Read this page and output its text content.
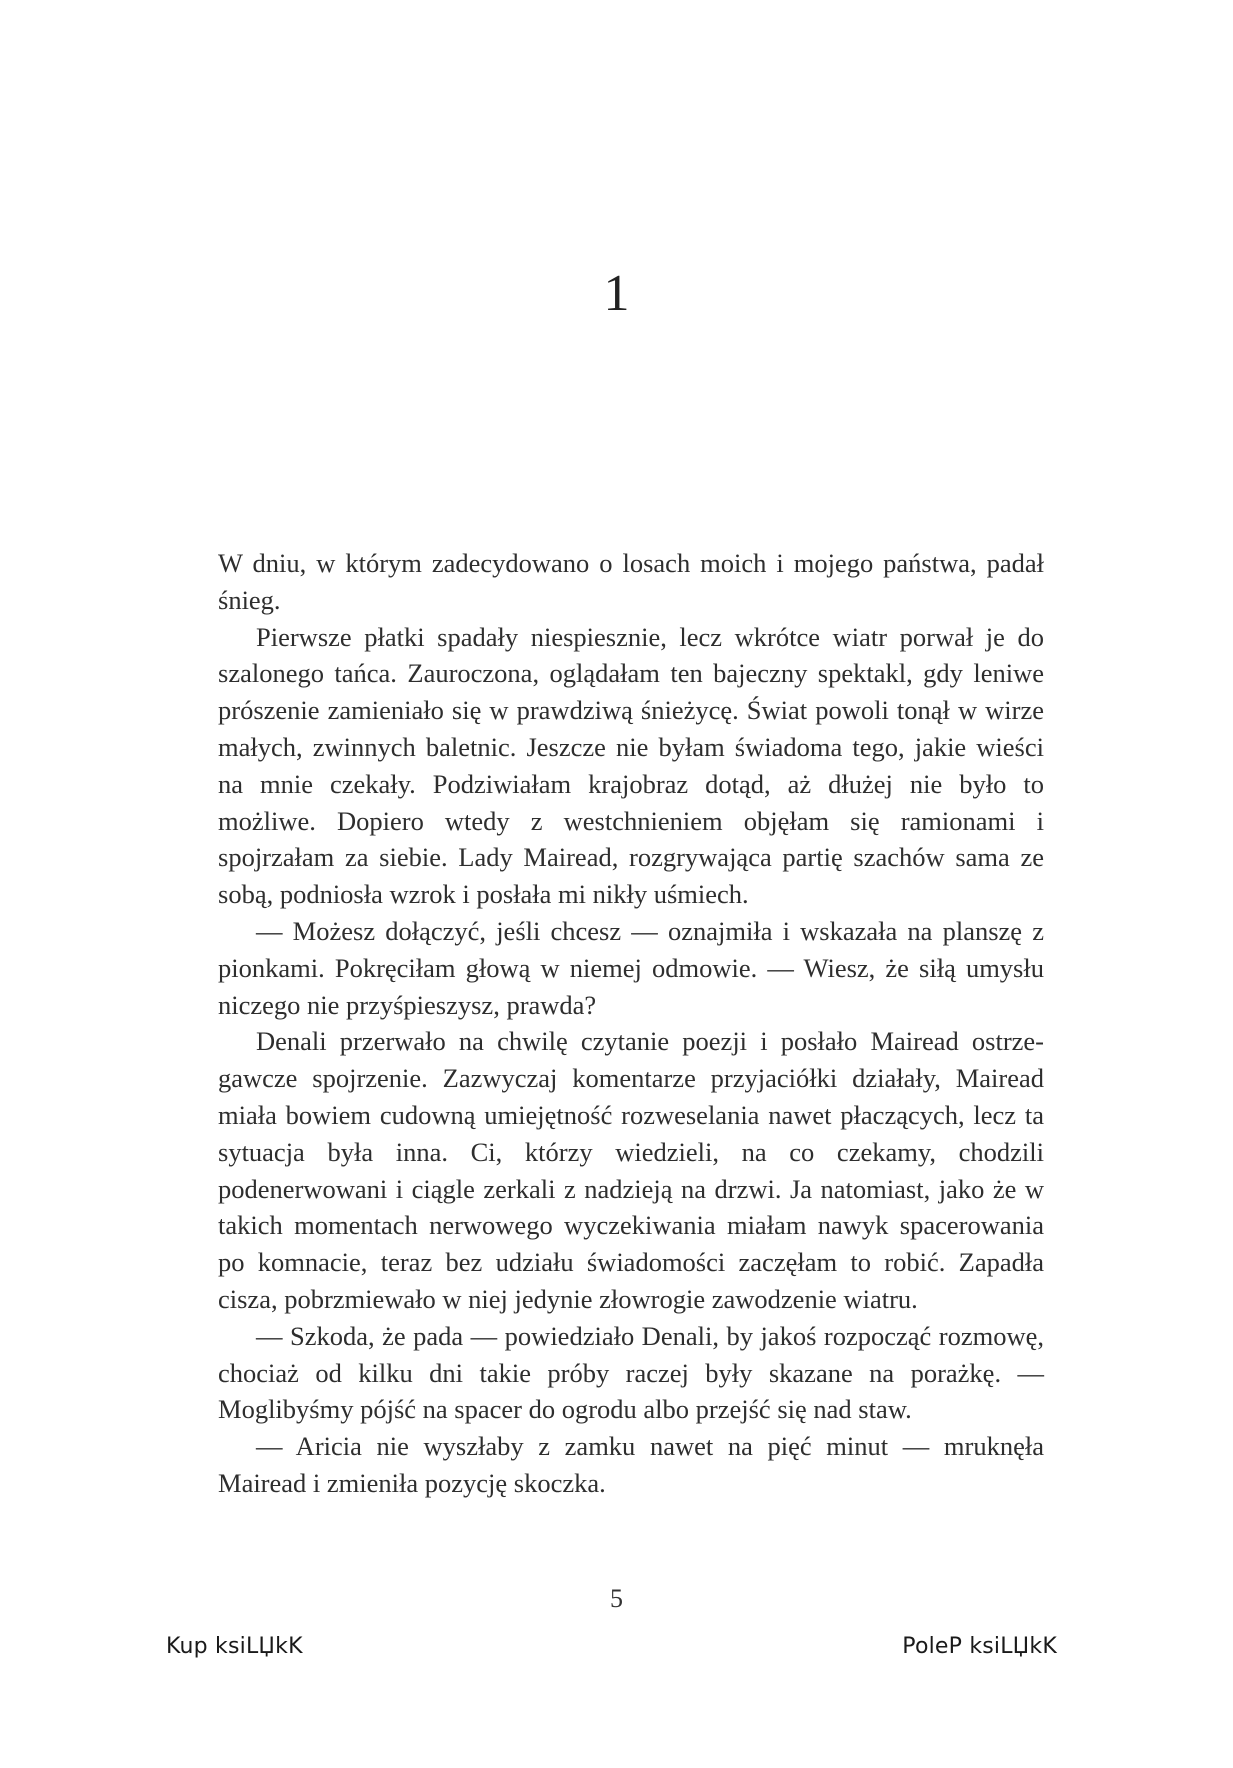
1

W dniu, w którym zadecydowano o losach moich i mojego państwa, padał śnieg.

Pierwsze płatki spadały niespiesznie, lecz wkrótce wiatr porwał je do szalonego tańca. Zauroczona, oglądałam ten bajeczny spektakl, gdy leniwe prószenie zamieniało się w prawdziwą śnieżycę. Świat powoli tonął w wirze małych, zwinnych baletnic. Jeszcze nie byłam świadoma tego, jakie wieści na mnie czekały. Podziwiałam krajobraz dotąd, aż dłużej nie było to możliwe. Dopiero wtedy z westchnieniem objęłam się ramionami i spojrzałam za siebie. Lady Mairead, rozgrywająca partię szachów sama ze sobą, podniosła wzrok i posłała mi nikły uśmiech.

— Możesz dołączyć, jeśli chcesz — oznajmiła i wskazała na planszę z pionkami. Pokręciłam głową w niemej odmowie. — Wiesz, że siłą umysłu niczego nie przyśpieszysz, prawda?

Denali przerwało na chwilę czytanie poezji i posłało Mairead ostrzegawcze spojrzenie. Zazwyczaj komentarze przyjaciółki działały, Mairead miała bowiem cudowną umiejętność rozweselania nawet płaczących, lecz ta sytuacja była inna. Ci, którzy wiedzieli, na co czekamy, chodzili podenerwowani i ciągle zerkali z nadzieją na drzwi. Ja natomiast, jako że w takich momentach nerwowego wyczekiwania miałam nawyk spacerowania po komnacie, teraz bez udziału świadomości zaczęłam to robić. Zapadła cisza, pobrzmiewało w niej jedynie złowrogie zawodzenie wiatru.

— Szkoda, że pada — powiedziało Denali, by jakoś rozpocząć rozmowę, chociaż od kilku dni takie próby raczej były skazane na porażkę. — Moglibyśmy pójść na spacer do ogrodu albo przejść się nad staw.

— Aricia nie wyszłaby z zamku nawet na pięć minut — mruknęła Mairead i zmieniła pozycję skoczka.

5
Kup ksiLЏkK	PoleP ksiLЏkK
